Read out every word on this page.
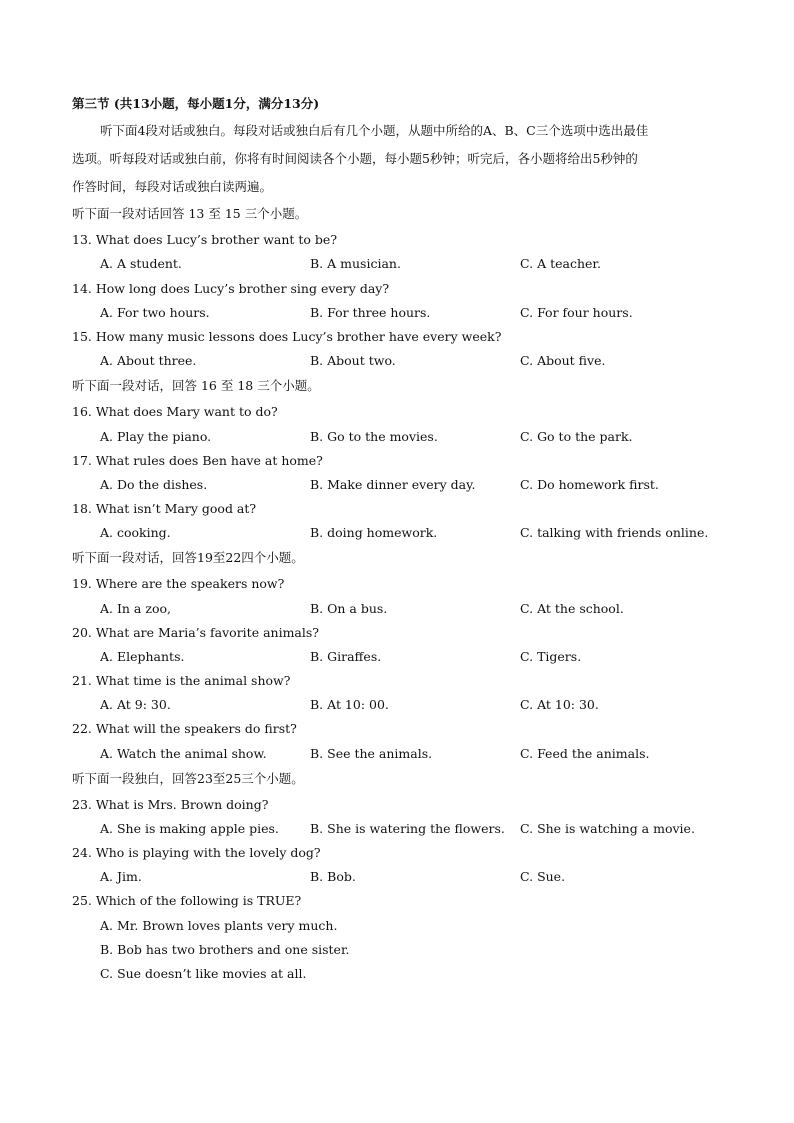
第三节 (共13小题，每小题1分，满分13分)
听下面4段对话或独白。每段对话或独白后有几个小题，从题中所给的A、B、C三个选项中选出最佳
选项。听每段对话或独白前，你将有时间阅读各个小题，每小题5秒钟；听完后，各小题将给出5秒钟的
作答时间，每段对话或独白读两遍。
听下面一段对话回答 13 至 15 三个小题。
13. What does Lucy’s brother want to be?
A. A student.	B. A musician.	C. A teacher.
14. How long does Lucy’s brother sing every day?
A. For two hours.	B. For three hours.	C. For four hours.
15. How many music lessons does Lucy’s brother have every week?
A. About three.	B. About two.	C. About five.
听下面一段对话，回答 16 至 18 三个小题。
16. What does Mary want to do?
A. Play the piano.	B. Go to the movies.	C. Go to the park.
17. What rules does Ben have at home?
A. Do the dishes.	B. Make dinner every day.	C. Do homework first.
18. What isn’t Mary good at?
A. cooking.	B. doing homework.	C. talking with friends online.
听下面一段对话，回答19至22四个小题。
19. Where are the speakers now?
A. In a zoo,	B. On a bus.	C. At the school.
20. What are Maria’s favorite animals?
A. Elephants.	B. Giraffes.	C. Tigers.
21. What time is the animal show?
A. At 9: 30.	B. At 10: 00.	C. At 10: 30.
22. What will the speakers do first?
A. Watch the animal show.	B. See the animals.	C. Feed the animals.
听下面一段独白，回答23至25三个小题。
23. What is Mrs. Brown doing?
A. She is making apple pies. B. She is watering the flowers. C. She is watching a movie.
24. Who is playing with the lovely dog?
A. Jim.	B. Bob.	C. Sue.
25. Which of the following is TRUE?
A. Mr. Brown loves plants very much.
B. Bob has two brothers and one sister.
C. Sue doesn’t like movies at all.
